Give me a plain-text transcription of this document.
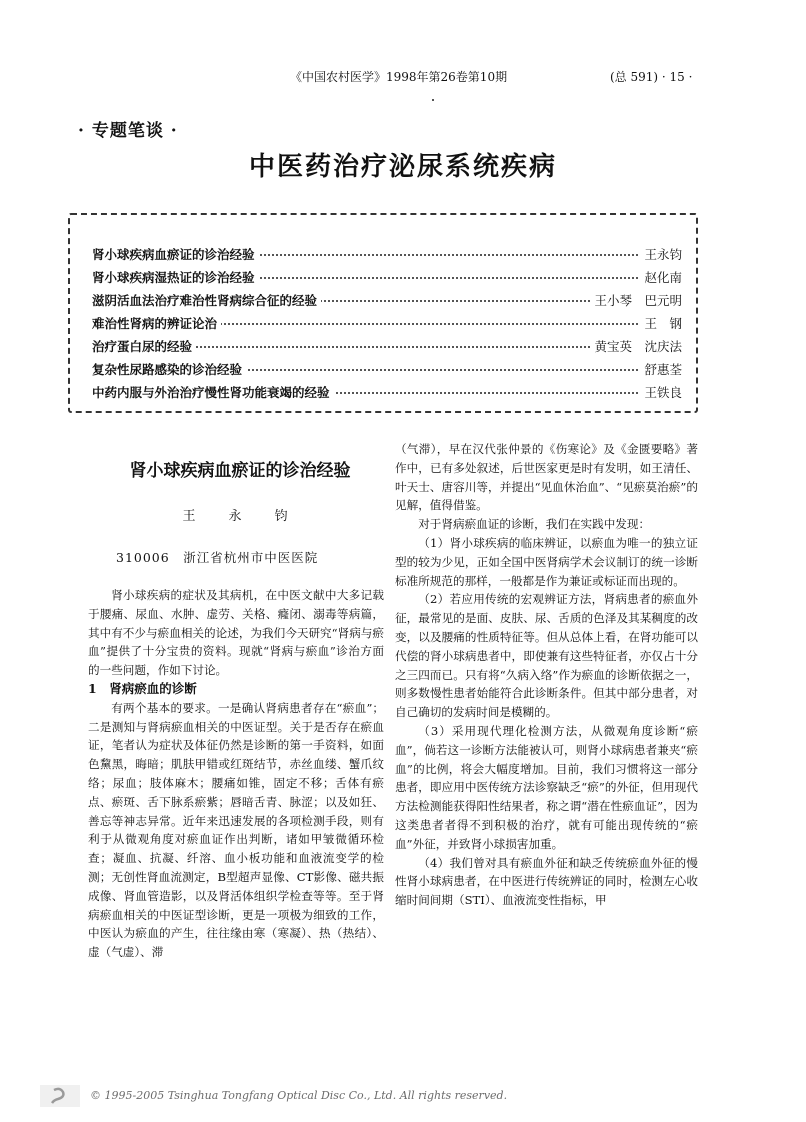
《中国农村医学》1998年第26卷第10期	(总 591) · 15 ·
· 专题笔谈 ·
中医药治疗泌尿系统疾病
肾小球疾病血瘀证的诊治经验	王永钧
肾小球疾病湿热证的诊治经验	赵化南
滋阴活血法治疗难治性肾病综合征的经验	王小琴　巴元明
难治性肾病的辨证论治	王　钢
治疗蛋白尿的经验	黄宝英　沈庆法
复杂性尿路感染的诊治经验	舒惠荃
中药内服与外治治疗慢性肾功能衰竭的经验	王铁良
肾小球疾病血瘀证的诊治经验
王　永　钧
310006　浙江省杭州市中医医院

肾小球疾病的症状及其病机，在中医文献中大多记载于腰痛、尿血、水肿、虚劳、关格、癃闭、溺毒等病篇，其中有不少与瘀血相关的论述，为我们今天研究“肾病与瘀血”提供了十分宝贵的资料。现就“肾病与瘀血”诊治方面的一些问题，作如下讨论。

1　肾病瘀血的诊断

有两个基本的要求。一是确认肾病患者存在“瘀血”；二是测知与肾病瘀血相关的中医证型。关于是否存在瘀血证，笔者认为症状及体征仍然是诊断的第一手资料，如面色黧黑，晦暗；肌肤甲错或红斑结节，赤丝血缕、蟹爪纹络；尿血；肢体麻木；腰痛如锥，固定不移；舌体有瘀点、瘀斑、舌下脉系瘀紫；唇暗舌青、脉涩；以及如狂、善忘等神志异常。近年来迅速发展的各项检测手段，则有利于从微观角度对瘀血证作出判断，诸如甲皱微循环检查；凝血、抗凝、纤溶、血小板功能和血液流变学的检测；无创性肾血流测定，B型超声显像、CT影像、磁共振成像、肾血管造影，以及肾活体组织学检查等等。至于肾病瘀血相关的中医证型诊断，更是一项极为细致的工作，中医认为瘀血的产生，往往缘由寒（寒凝）、热（热结）、虚（气虚）、滞

（气滞），早在汉代张仲景的《伤寒论》及《金匮要略》著作中，已有多处叙述，后世医家更是时有发明，如王清任、叶天士、唐容川等，并提出“见血休治血”、“见瘀莫治瘀”的见解，值得借鉴。

对于肾病瘀血证的诊断，我们在实践中发现：

（1）肾小球疾病的临床辨证，以瘀血为唯一的独立证型的较为少见，正如全国中医肾病学术会议制订的统一诊断标准所规范的那样，一般都是作为兼证或标证而出现的。

（2）若应用传统的宏观辨证方法，肾病患者的瘀血外征，最常见的是面、皮肤、尿、舌质的色泽及其某稠度的改变，以及腰痛的性质特征等。但从总体上看，在肾功能可以代偿的肾小球病患者中，即使兼有这些特征者，亦仅占十分之三四而已。只有将“久病入络”作为瘀血的诊断依据之一，则多数慢性患者始能符合此诊断条件。但其中部分患者，对自己确切的发病时间是模糊的。

（3）采用现代理化检测方法，从微观角度诊断“瘀血”，倘若这一诊断方法能被认可，则肾小球病患者兼夹“瘀血”的比例，将会大幅度增加。目前，我们习惯将这一部分患者，即应用中医传统方法诊察缺乏“瘀”的外征，但用现代方法检测能获得阳性结果者，称之谓“潜在性瘀血证”，因为这类患者者得不到积极的治疗，就有可能出现传统的“瘀血”外征，并致肾小球损害加重。

（4）我们曾对具有瘀血外征和缺乏传统瘀血外征的慢性肾小球病患者，在中医进行传统辨证的同时，检测左心收缩时间间期（STI）、血液流变性指标，甲

© 1995-2005 Tsinghua Tongfang Optical Disc Co., Ltd. All rights reserved.
